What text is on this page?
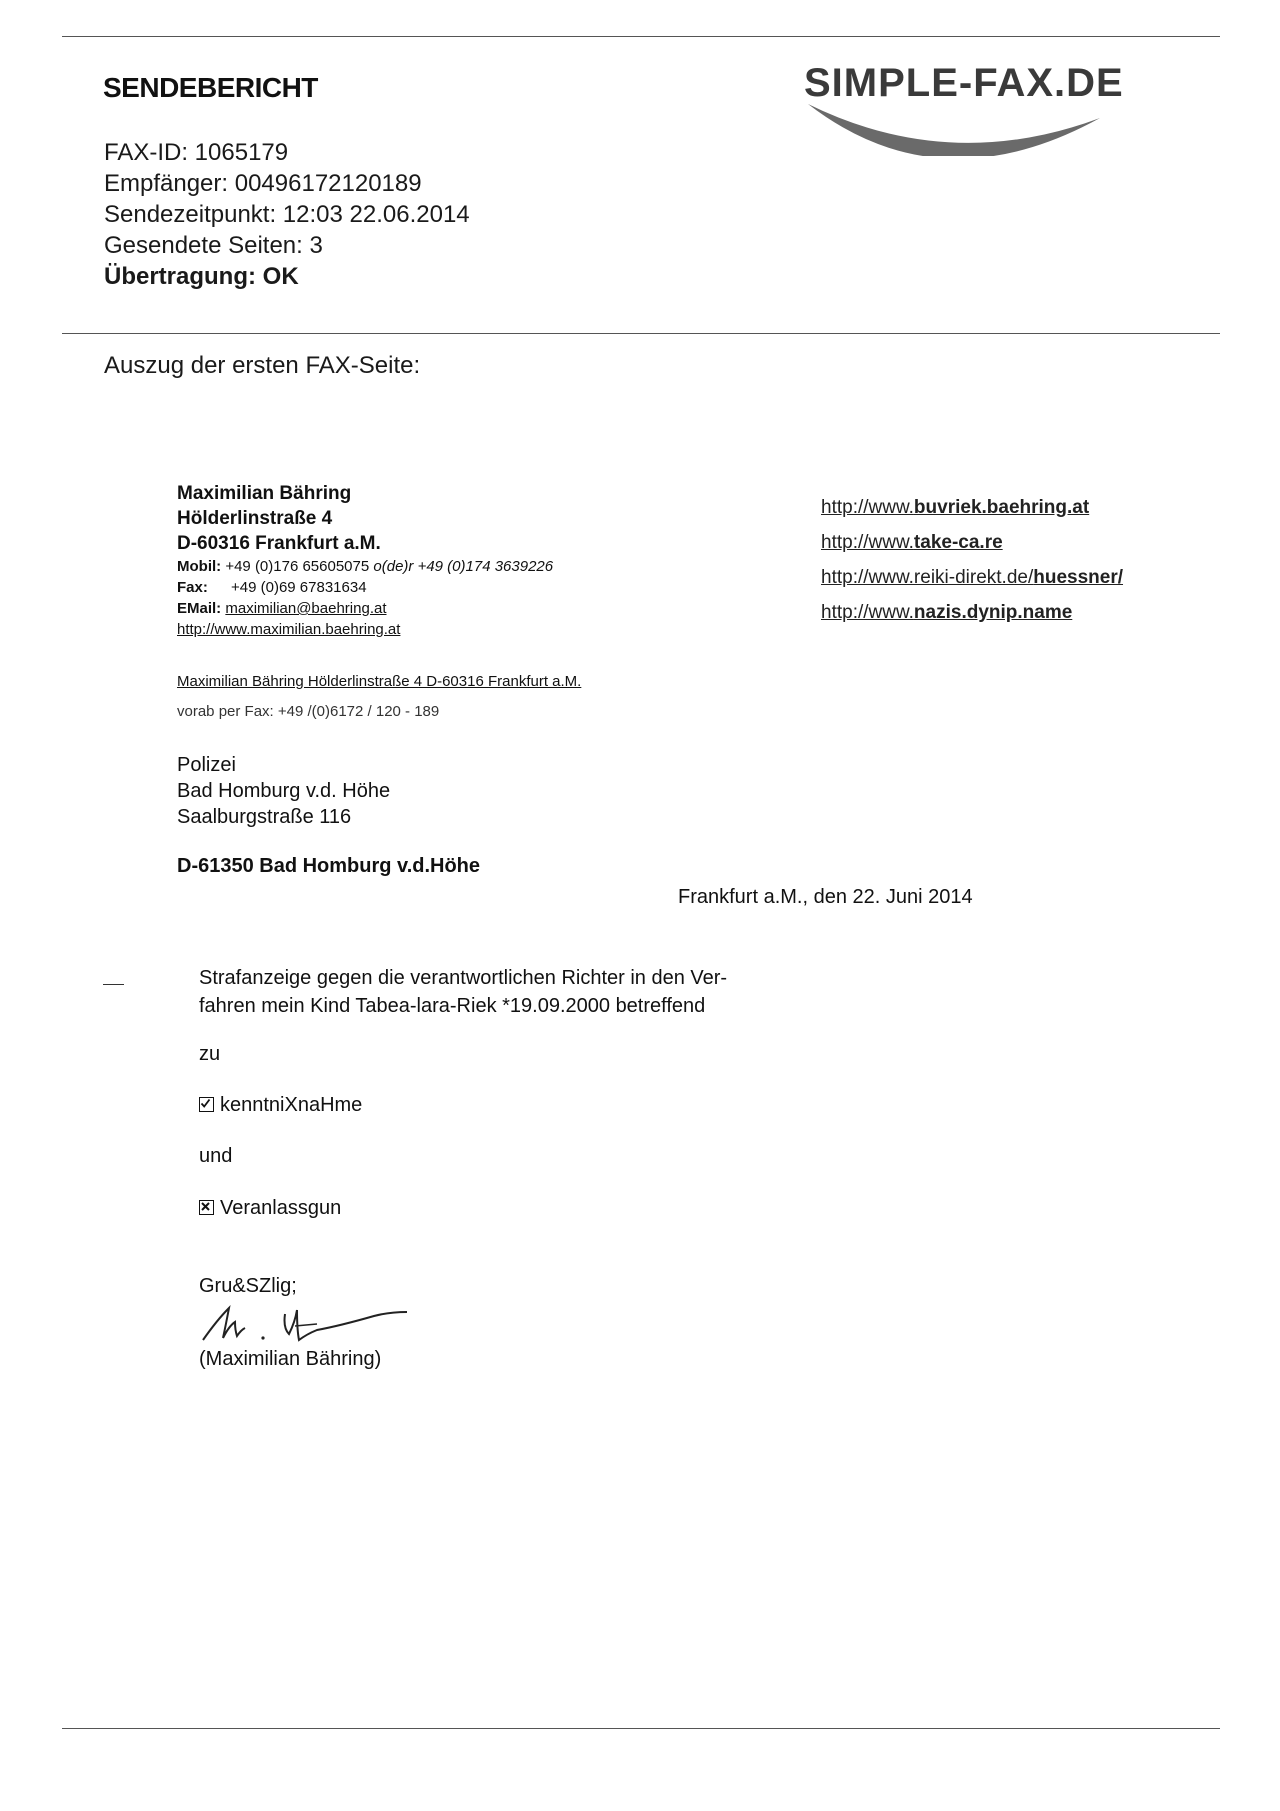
SENDEBERICHT	SIMPLE-FAX.DE
FAX-ID: 1065179
Empfänger: 00496172120189
Sendezeitpunkt: 12:03 22.06.2014
Gesendete Seiten: 3
Übertragung: OK
Auszug der ersten FAX-Seite:
Maximilian Bähring
Hölderlinstraße 4
D-60316 Frankfurt a.M.
Mobil: +49 (0)176 65605075 o(de)r +49 (0)174 3639226
Fax: +49 (0)69 67831634
EMail: maximilian@baehring.at
http://www.maximilian.baehring.at
http://www.buvriek.baehring.at
http://www.take-ca.re
http://www.reiki-direkt.de/huessner/
http://www.nazis.dynip.name
Maximilian Bähring Hölderlinstraße 4 D-60316 Frankfurt a.M.
vorab per Fax: +49 /(0)6172 / 120 - 189
Polizei
Bad Homburg v.d. Höhe
Saalburgstraße 116
D-61350 Bad Homburg v.d.Höhe
Frankfurt a.M., den 22. Juni 2014
Strafanzeige gegen die verantwortlichen Richter in den Ver-
fahren mein Kind Tabea-lara-Riek *19.09.2000 betreffend
zu
kenntniXnaHme
und
Veranlassgun
Gru&SZlig;
(Maximilian Bähring)
